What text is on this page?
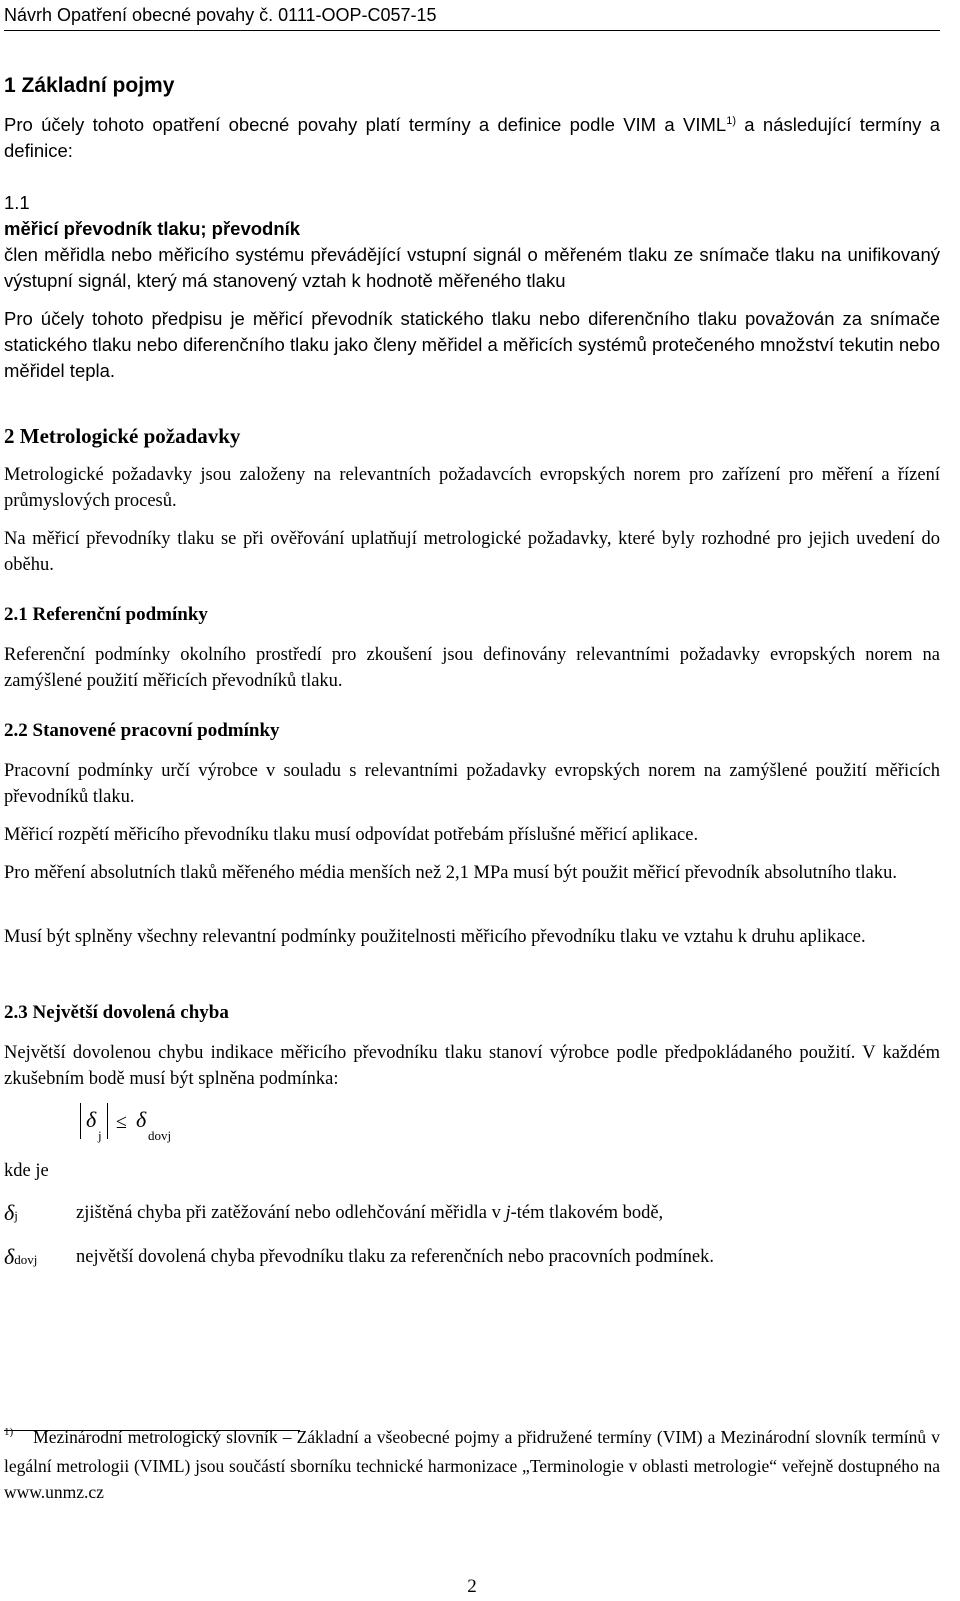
Návrh Opatření obecné povahy č. 0111-OOP-C057-15
1 Základní pojmy

Pro účely tohoto opatření obecné povahy platí termíny a definice podle VIM a VIML$^{1)}$ a následující termíny a definice:

1.1
měřicí převodník tlaku; převodník

člen měřidla nebo měřicího systému převádějící vstupní signál o měřeném tlaku ze snímače tlaku na unifikovaný výstupní signál, který má stanovený vztah k hodnotě měřeného tlaku

Pro účely tohoto předpisu je měřicí převodník statického tlaku nebo diferenčního tlaku považován za snímače statického tlaku nebo diferenčního tlaku jako členy měřidel a měřicích systémů protečeného množství tekutin nebo měřidel tepla.

2 Metrologické požadavky

Metrologické požadavky jsou založeny na relevantních požadavcích evropských norem pro zařízení pro měření a řízení průmyslových procesů.

Na měřicí převodníky tlaku se při ověřování uplatňují metrologické požadavky, které byly rozhodné pro jejich uvedení do oběhu.

2.1 Referenční podmínky

Referenční podmínky okolního prostředí pro zkoušení jsou definovány relevantními požadavky evropských norem na zamýšlené použití měřicích převodníků tlaku.

2.2 Stanovené pracovní podmínky

Pracovní podmínky určí výrobce v souladu s relevantními požadavky evropských norem na zamýšlené použití měřicích převodníků tlaku.

Měřicí rozpětí měřicího převodníku tlaku musí odpovídat potřebám příslušné měřicí aplikace.

Pro měření absolutních tlaků měřeného média menších než 2,1 MPa musí být použit měřicí převodník absolutního tlaku.

Musí být splněny všechny relevantní podmínky použitelnosti měřicího převodníku tlaku ve vztahu k druhu aplikace.

2.3 Největší dovolená chyba

Největší dovolenou chybu indikace měřicího převodníku tlaku stanoví výrobce podle předpokládaného použití. V každém zkušebním bodě musí být splněna podmínka:

δ
j
≤ δ
dovj
kde je
δj	zjištěná chyba při zatěžování nebo odlehčování měřidla v j-tém tlakovém bodě,
δdovj	největší dovolená chyba převodníku tlaku za referenčních nebo pracovních podmínek.

$^{1)}$ Mezinárodní metrologický slovník – Základní a všeobecné pojmy a přidružené termíny (VIM) a Mezinárodní slovník termínů v legální metrologii (VIML) jsou součástí sborníku technické harmonizace „Terminologie v oblasti metrologie“ veřejně dostupného na www.unmz.cz

2
